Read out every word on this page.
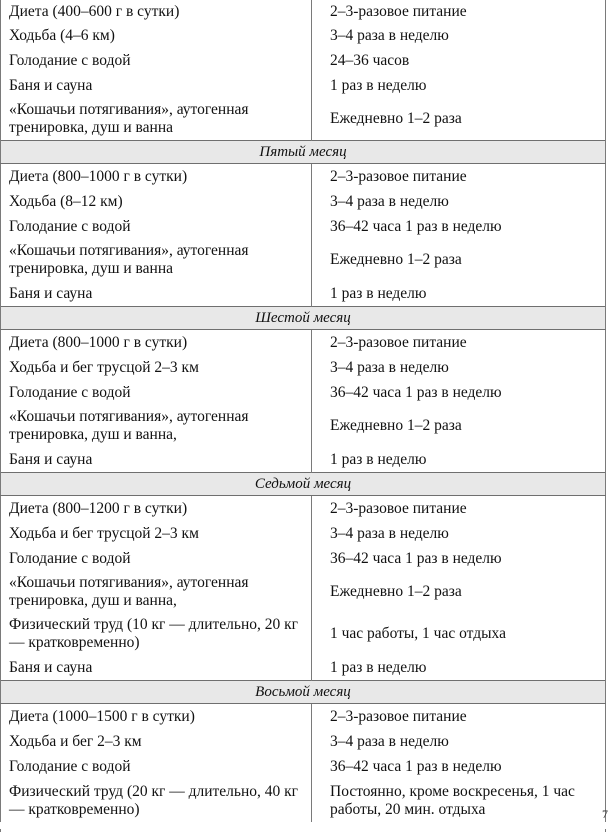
Диета (400–600 г в сутки)	2–3-разовое питание
Ходьба (4–6 км)	3–4 раза в неделю
Голодание с водой	24–36 часов
Баня и сауна	1 раз в неделю
«Кошачьи потягивания», аутогенная тренировка, душ и ванна	Ежедневно 1–2 раза
Пятый месяц	
Диета (800–1000 г в сутки)	2–3-разовое питание
Ходьба (8–12 км)	3–4 раза в неделю
Голодание с водой	36–42 часа 1 раз в неделю
«Кошачьи потягивания», аутогенная тренировка, душ и ванна	Ежедневно 1–2 раза
Баня и сауна	1 раз в неделю
Шестой месяц	
Диета (800–1000 г в сутки)	2–3-разовое питание
Ходьба и бег трусцой 2–3 км	3–4 раза в неделю
Голодание с водой	36–42 часа 1 раз в неделю
«Кошачьи потягивания», аутогенная тренировка, душ и ванна,	Ежедневно 1–2 раза
Баня и сауна	1 раз в неделю
Седьмой месяц	
Диета (800–1200 г в сутки)	2–3-разовое питание
Ходьба и бег трусцой 2–3 км	3–4 раза в неделю
Голодание с водой	36–42 часа 1 раз в неделю
«Кошачьи потягивания», аутогенная тренировка, душ и ванна,	Ежедневно 1–2 раза
Физический труд (10 кг — длительно, 20 кг — кратковременно)	1 час работы, 1 час отдыха
Баня и сауна	1 раз в неделю
Восьмой месяц	
Диета (1000–1500 г в сутки)	2–3-разовое питание
Ходьба и бег 2–3 км	3–4 раза в неделю
Голодание с водой	36–42 часа 1 раз в неделю
Физический труд (20 кг — длительно, 40 кг — кратковременно)	Постоянно, кроме воскресенья, 1 час работы, 20 мин. отдыха	7
